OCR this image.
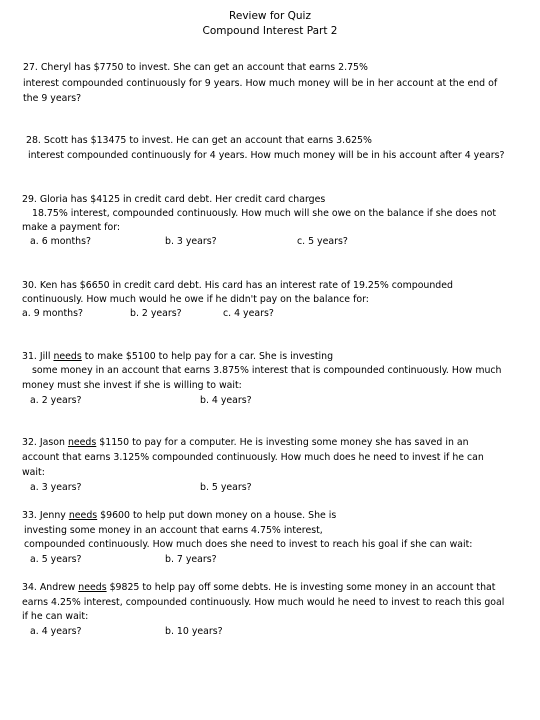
Review for Quiz
Compound Interest Part 2
27. Cheryl has $7750 to invest. She can get an account that earns 2.75%
interest compounded continuously for 9 years. How much money will be in her account at the end of
the 9 years?
28. Scott has $13475 to invest. He can get an account that earns 3.625%
interest compounded continuously for 4 years. How much money will be in his account after 4 years?
29. Gloria has $4125 in credit card debt. Her credit card charges
18.75% interest, compounded continuously. How much will she owe on the balance if she does not
make a payment for:
a. 6 months?	b. 3 years?	c. 5 years?
30. Ken has $6650 in credit card debt. His card has an interest rate of 19.25% compounded
continuously. How much would he owe if he didn't pay on the balance for:
a. 9 months?	b. 2 years?	c. 4 years?
31. Jill needs to make $5100 to help pay for a car. She is investing
some money in an account that earns 3.875% interest that is compounded continuously. How much
money must she invest if she is willing to wait:
a. 2 years?	b. 4 years?
32. Jason needs $1150 to pay for a computer. He is investing some money she has saved in an
account that earns 3.125% compounded continuously. How much does he need to invest if he can
wait:
a. 3 years?	b. 5 years?
33. Jenny needs $9600 to help put down money on a house. She is
investing some money in an account that earns 4.75% interest,
compounded continuously. How much does she need to invest to reach his goal if she can wait:
a. 5 years?	b. 7 years?
34. Andrew needs $9825 to help pay off some debts. He is investing some money in an account that
earns 4.25% interest, compounded continuously. How much would he need to invest to reach this goal
if he can wait:
a. 4 years?	b. 10 years?
